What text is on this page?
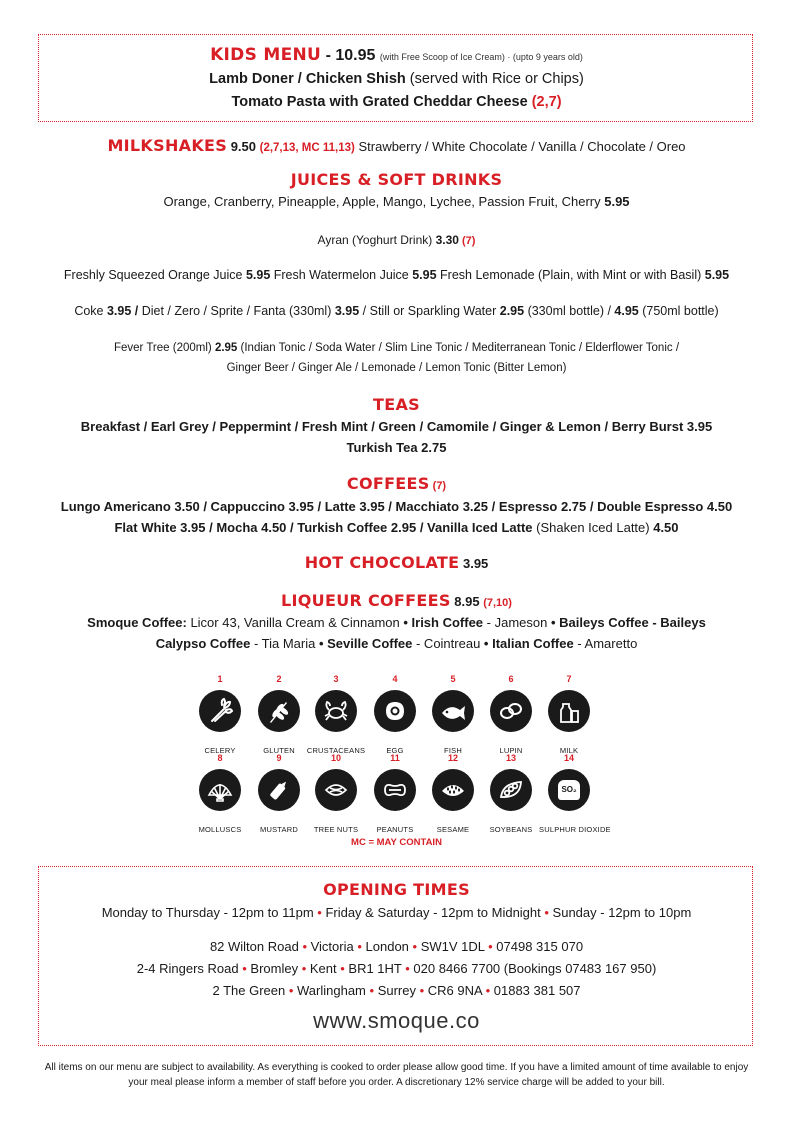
KIDS MENU - 10.95 (with Free Scoop of Ice Cream) · (upto 9 years old)
Lamb Doner / Chicken Shish (served with Rice or Chips)
Tomato Pasta with Grated Cheddar Cheese (2,7)
MILKSHAKES 9.50 (2,7,13, MC 11,13) Strawberry / White Chocolate / Vanilla / Chocolate / Oreo
JUICES & SOFT DRINKS
Orange, Cranberry, Pineapple, Apple, Mango, Lychee, Passion Fruit, Cherry 5.95
Ayran (Yoghurt Drink) 3.30 (7)
Freshly Squeezed Orange Juice 5.95 Fresh Watermelon Juice 5.95 Fresh Lemonade (Plain, with Mint or with Basil) 5.95
Coke 3.95 / Diet / Zero / Sprite / Fanta (330ml) 3.95 / Still or Sparkling Water 2.95 (330ml bottle) / 4.95 (750ml bottle)
Fever Tree (200ml) 2.95 (Indian Tonic / Soda Water / Slim Line Tonic / Mediterranean Tonic / Elderflower Tonic /
Ginger Beer / Ginger Ale / Lemonade / Lemon Tonic (Bitter Lemon)
TEAS
Breakfast / Earl Grey / Peppermint / Fresh Mint / Green / Camomile / Ginger & Lemon / Berry Burst 3.95
Turkish Tea 2.75
COFFEES (7)
Lungo Americano 3.50 / Cappuccino 3.95 / Latte 3.95 / Macchiato 3.25 / Espresso 2.75 / Double Espresso 4.50
Flat White 3.95 / Mocha 4.50 / Turkish Coffee 2.95 / Vanilla Iced Latte (Shaken Iced Latte) 4.50
HOT CHOCOLATE 3.95
LIQUEUR COFFEES 8.95 (7,10)
Smoque Coffee: Licor 43, Vanilla Cream & Cinnamon • Irish Coffee - Jameson • Baileys Coffee - Baileys
Calypso Coffee - Tia Maria • Seville Coffee - Cointreau • Italian Coffee - Amaretto
1
CELERY
2
GLUTEN
3
CRUSTACEANS
4
EGG
5
FISH
6
LUPIN
7
MILK
8
MOLLUSCS
9
MUSTARD
10
TREE NUTS
11
PEANUTS
12
SESAME
13
SOYBEANS
14
SO₂
SULPHUR DIOXIDE
MC = MAY CONTAIN
OPENING TIMES
Monday to Thursday - 12pm to 11pm • Friday & Saturday - 12pm to Midnight • Sunday - 12pm to 10pm
82 Wilton Road • Victoria • London • SW1V 1DL • 07498 315 070
2-4 Ringers Road • Bromley • Kent • BR1 1HT • 020 8466 7700 (Bookings 07483 167 950)
2 The Green • Warlingham • Surrey • CR6 9NA • 01883 381 507
www.smoque.co
All items on our menu are subject to availability. As everything is cooked to order please allow good time. If you have a limited amount of time available to enjoy
your meal please inform a member of staff before you order. A discretionary 12% service charge will be added to your bill.
